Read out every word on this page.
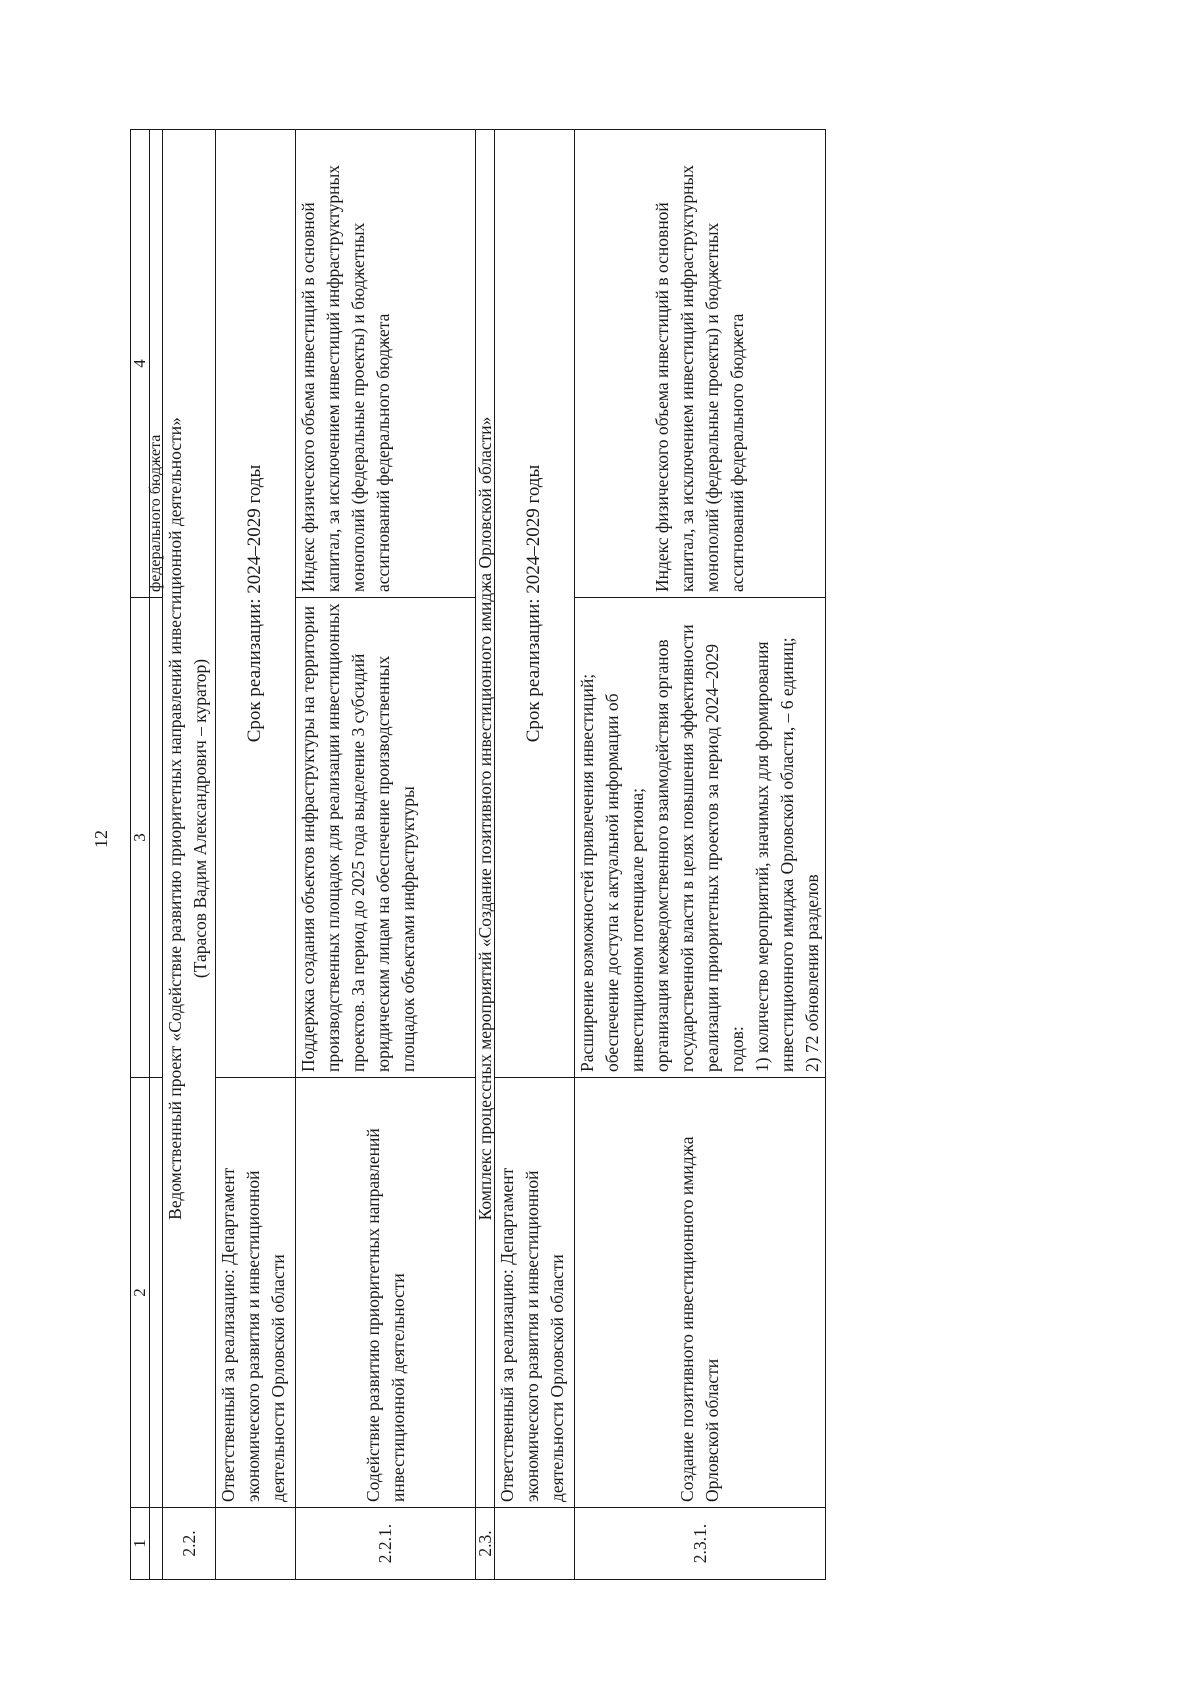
12
1	2	3	4
			федерального бюджета
2.2.	Ведомственный проект «Содействие развитию приоритетных направлений инвестиционной деятельности» (Тарасов Вадим Александрович – куратор)		

	Ответственный за реализацию: Департамент экономического развития и инвестиционной деятельности Орловской области	Срок реализации: 2024–2029 годы	

2.2.1.	Содействие развитию приоритетных направлений инвестиционной деятельности	Поддержка создания объектов инфраструктуры на территории производственных площадок для реализации инвестиционных проектов. За период до 2025 года выделение 3 субсидий юридическим лицам на обеспечение производственных площадок объектами инфраструктуры	Индекс физического объема инвестиций в основной капитал, за исключением инвестиций инфраструктурных монополий (федеральные проекты) и бюджетных ассигнований федерального бюджета
2.3.	Комплекс процессных мероприятий «Создание позитивного инвестиционного имиджа Орловской области»		
	Ответственный за реализацию: Департамент экономического развития и инвестиционной деятельности Орловской области	Срок реализации: 2024–2029 годы	

2.3.1.	Создание позитивного инвестиционного имиджа Орловской области	Расширение возможностей привлечения инвестиций;
обеспечение доступа к актуальной информации об инвестиционном потенциале региона;
организация межведомственного взаимодействия органов государственной власти в целях повышения эффективности реализации приоритетных проектов за период 2024–2029 годов:
1) количество мероприятий, значимых для формирования инвестиционного имиджа Орловской области, – 6 единиц;
2) 72 обновления разделов	Индекс физического объема инвестиций в основной капитал, за исключением инвестиций инфраструктурных монополий (федеральные проекты) и бюджетных ассигнований федерального бюджета
